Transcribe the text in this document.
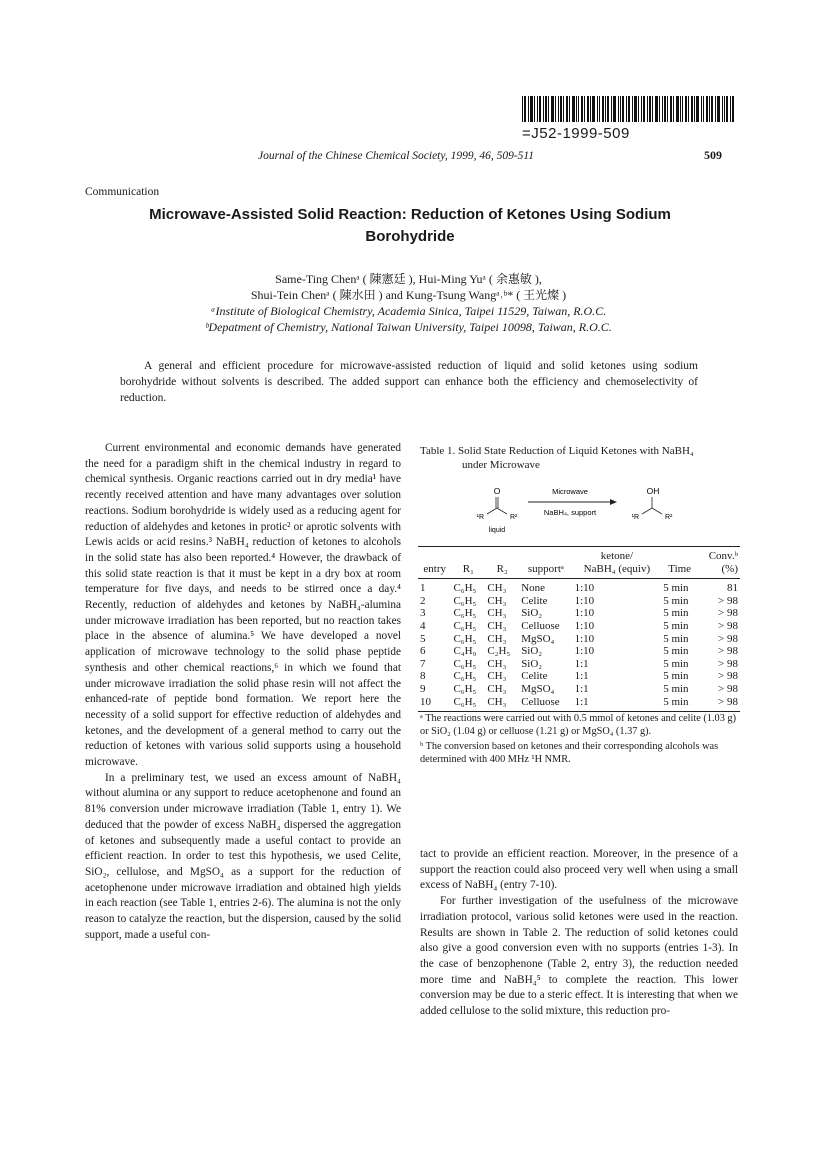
=J52-1999-509
Journal of the Chinese Chemical Society, 1999, 46, 509-511	509
Communication
Microwave-Assisted Solid Reaction: Reduction of Ketones Using Sodium Borohydride
Same-Ting Chenᵃ ( 陳憲廷 ), Hui-Ming Yuᵃ ( 余惠敏 ),
Shui-Tein Chenᵃ ( 陳水田 ) and Kung-Tsung Wangᵃ˒ᵇ* ( 王光燦 )
ᵃInstitute of Biological Chemistry, Academia Sinica, Taipei 11529, Taiwan, R.O.C.
ᵇDepatment of Chemistry, National Taiwan University, Taipei 10098, Taiwan, R.O.C.
A general and efficient procedure for microwave-assisted reduction of liquid and solid ketones using sodium borohydride without solvents is described. The added support can enhance both the efficiency and chemoselectivity of reduction.

Current environmental and economic demands have generated the need for a paradigm shift in the chemical industry in regard to chemical synthesis. Organic reactions carried out in dry media¹ have recently received attention and have many advantages over solution reactions. Sodium borohydride is widely used as a reducing agent for reduction of aldehydes and ketones in protic² or aprotic solvents with Lewis acids or acid resins.³ NaBH₄ reduction of ketones to alcohols in the solid state has also been reported.⁴ However, the drawback of this solid state reaction is that it must be kept in a dry box at room temperature for five days, and needs to be stirred once a day.⁴ Recently, reduction of aldehydes and ketones by NaBH₄-alumina under microwave irradiation has been reported, but no reaction takes place in the absence of alumina.⁵ We have developed a novel application of microwave technology to the solid phase peptide synthesis and other chemical reactions,⁶ in which we found that under microwave irradiation the solid phase resin will not affect the enhanced-rate of peptide bond formation. We report here the necessity of a solid support for effective reduction of aldehydes and ketones, and the development of a general method to carry out the reduction of ketones with various solid supports using a household microwave.

In a preliminary test, we used an excess amount of NaBH₄ without alumina or any support to reduce acetophenone and found an 81% conversion under microwave irradiation (Table 1, entry 1). We deduced that the powder of excess NaBH₄ dispersed the aggregation of ketones and subsequently made a useful contact to provide an efficient reaction. In order to test this hypothesis, we used Celite, SiO₂, cellulose, and MgSO₄ as a support for the reduction of acetophenone under microwave irradiation and obtained high yields in each reaction (see Table 1, entries 2-6). The alumina is not the only reason to catalyze the reaction, but the dispersion, caused by the solid support, made a useful con-

Table 1. Solid State Reduction of Liquid Ketones with NaBH₄
under Microwave
O
¹R	R²
liquid
Microwave
NaBH₄, support
OH
¹R	R²
				ketone/		Conv.ᵇ
entry	R₁	R₂	supportᵃ	NaBH₄ (equiv)	Time	(%)
1	C₆H₅	CH₃	None	1:10	5 min	81
2	C₆H₅	CH₃	Celite	1:10	5 min	> 98
3	C₆H₅	CH₃	SiO₂	1:10	5 min	> 98
4	C₆H₅	CH₃	Celluose	1:10	5 min	> 98
5	C₆H₅	CH₃	MgSO₄	1:10	5 min	> 98
6	C₄H₉	C₂H₅	SiO₂	1:10	5 min	> 98
7	C₆H₅	CH₃	SiO₂	1:1	5 min	> 98
8	C₆H₅	CH₃	Celite	1:1	5 min	> 98
9	C₆H₅	CH₃	MgSO₄	1:1	5 min	> 98
10	C₆H₅	CH₃	Celluose	1:1	5 min	> 98

ᵃ The reactions were carried out with 0.5 mmol of ketones and celite (1.03 g) or SiO₂ (1.04 g) or celluose (1.21 g) or MgSO₄ (1.37 g).

ᵇ The conversion based on ketones and their corresponding alcohols was determined with 400 MHz ¹H NMR.

tact to provide an efficient reaction. Moreover, in the presence of a support the reaction could also proceed very well when using a small excess of NaBH₄ (entry 7-10).

For further investigation of the usefulness of the microwave irradiation protocol, various solid ketones were used in the reaction. Results are shown in Table 2. The reduction of solid ketones could also give a good conversion even with no supports (entries 1-3). In the case of benzophenone (Table 2, entry 3), the reduction needed more time and NaBH₄⁵ to complete the reaction. This lower conversion may be due to a steric effect. It is interesting that when we added cellulose to the solid mixture, this reduction pro-
